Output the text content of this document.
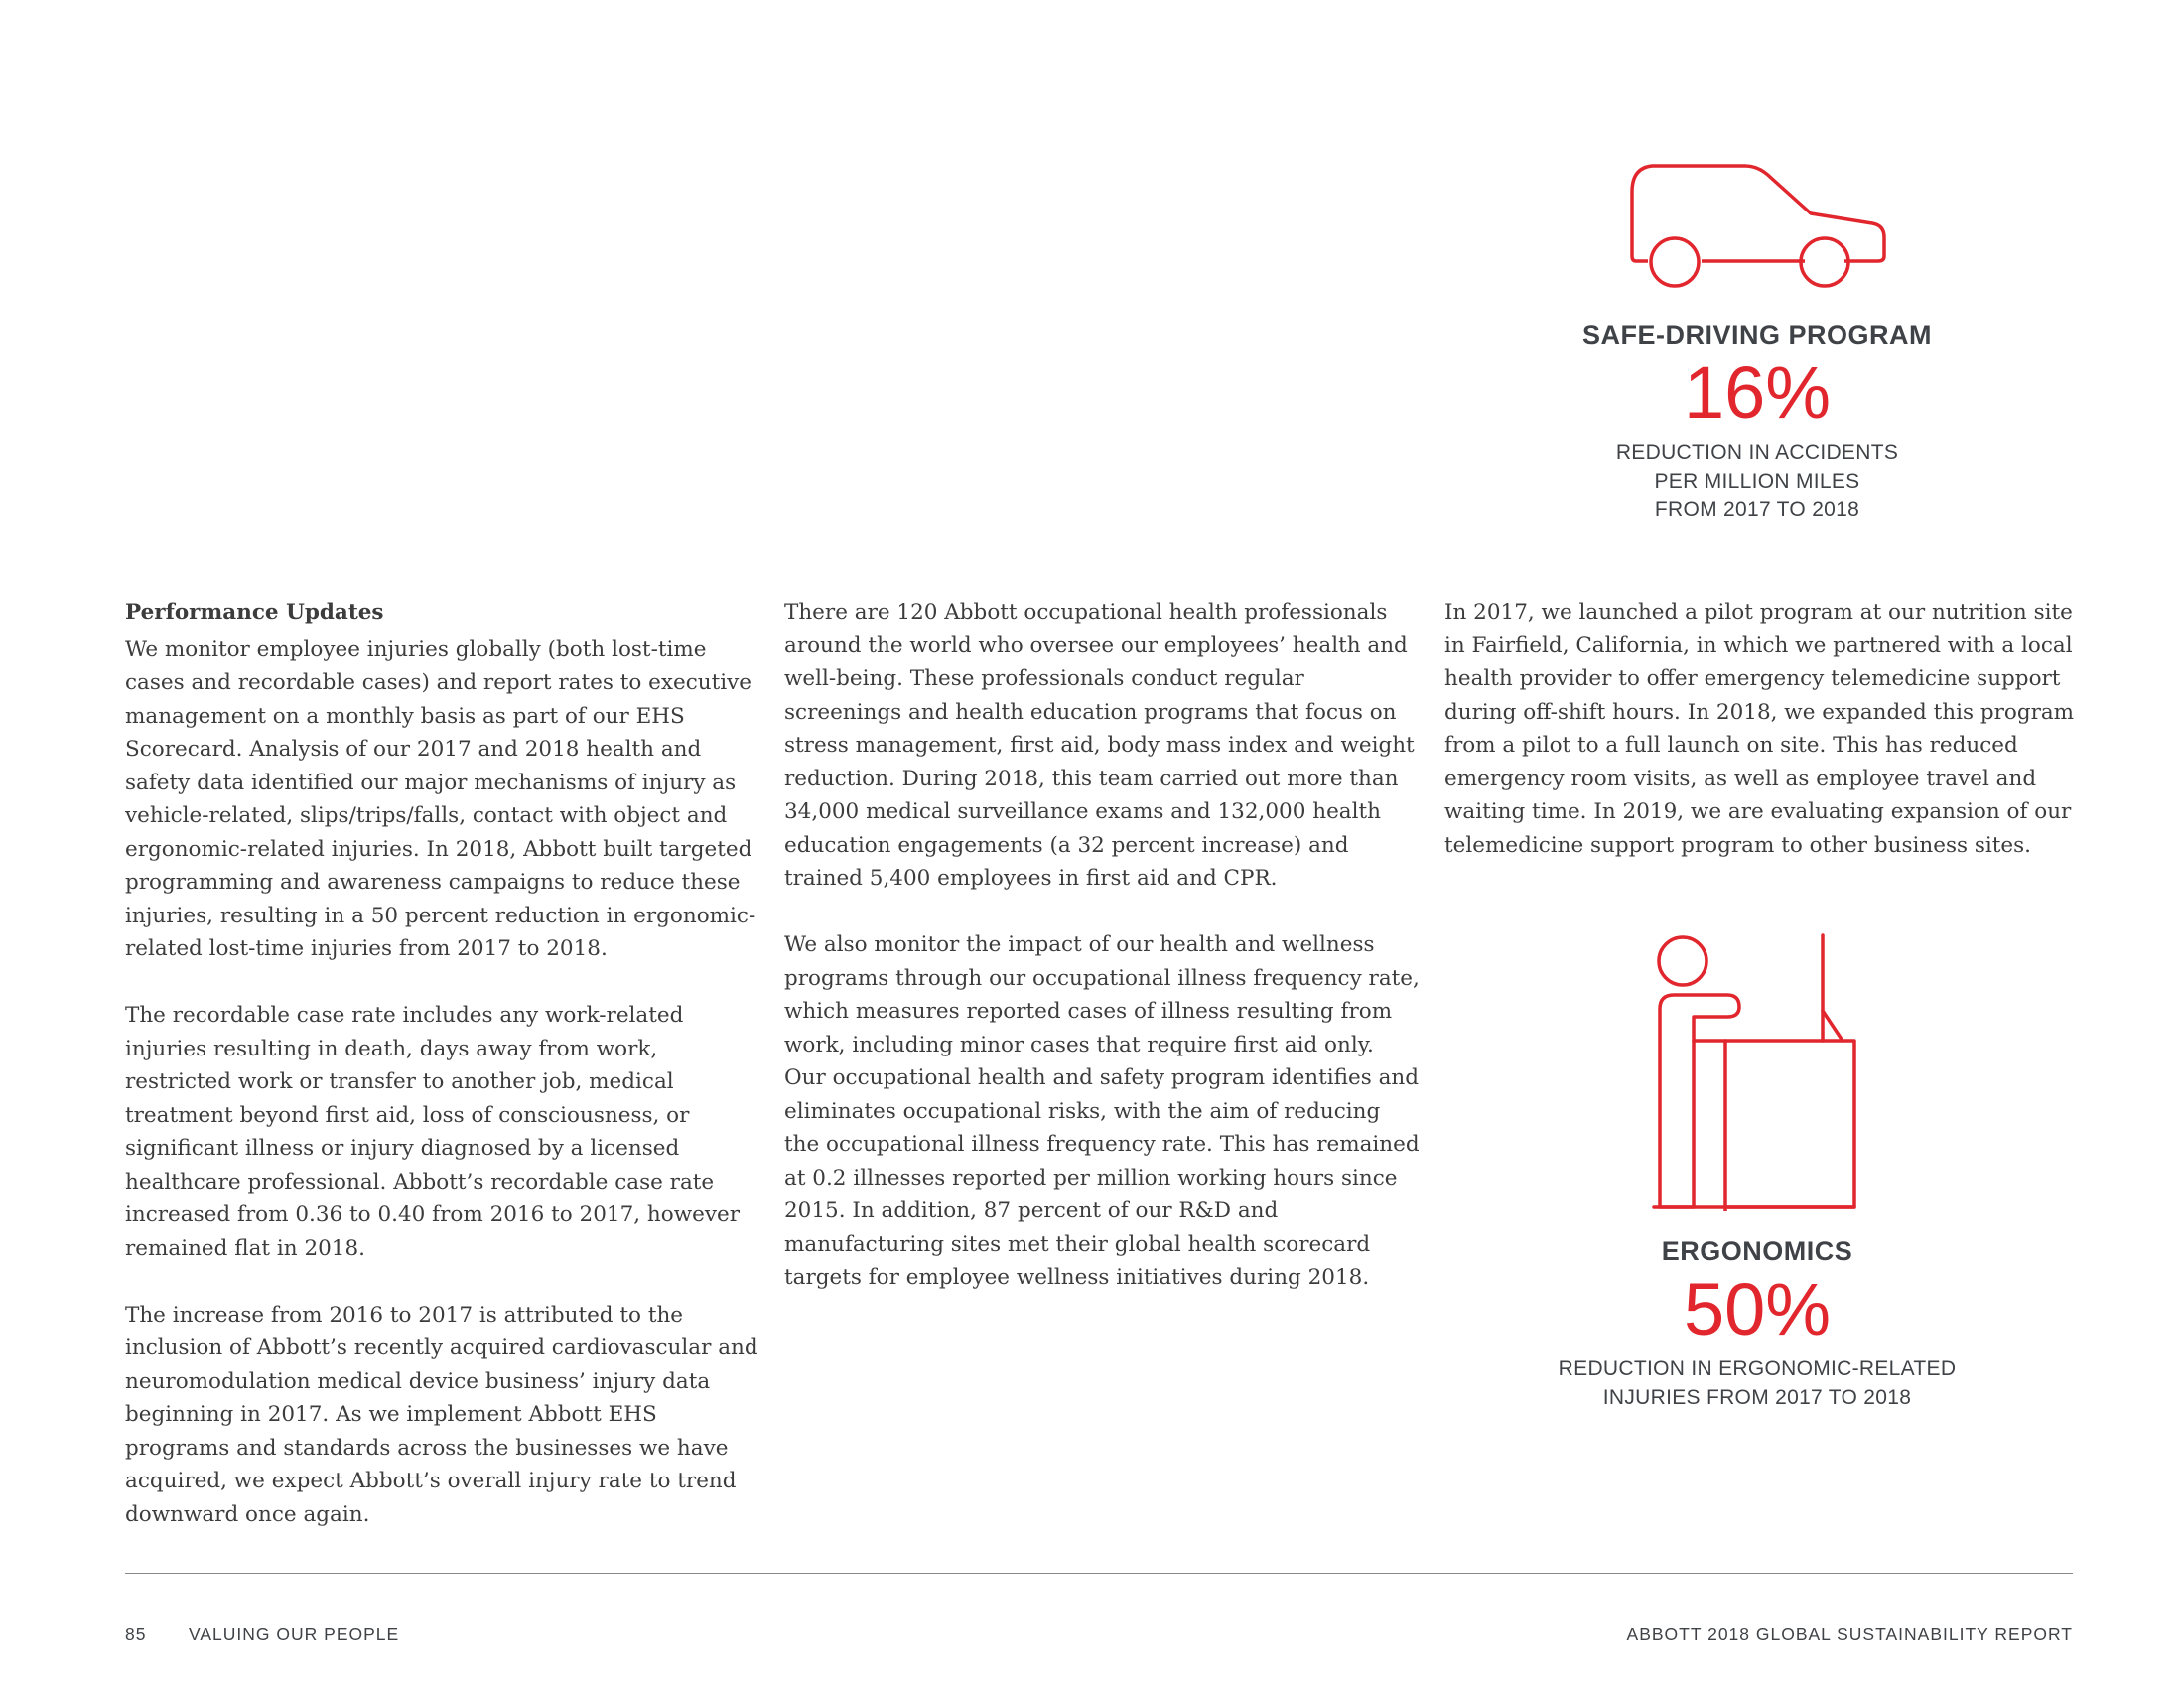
Performance Updates

We monitor employee injuries globally (both lost-time cases and recordable cases) and report rates to executive management on a monthly basis as part of our EHS Scorecard. Analysis of our 2017 and 2018 health and safety data identified our major mechanisms of injury as vehicle-related, slips/trips/falls, contact with object and ergonomic-related injuries. In 2018, Abbott built targeted programming and awareness campaigns to reduce these injuries, resulting in a 50 percent reduction in ergonomic-related lost-time injuries from 2017 to 2018.

The recordable case rate includes any work-related injuries resulting in death, days away from work, restricted work or transfer to another job, medical treatment beyond first aid, loss of consciousness, or significant illness or injury diagnosed by a licensed healthcare professional. Abbott’s recordable case rate increased from 0.36 to 0.40 from 2016 to 2017, however remained flat in 2018.

The increase from 2016 to 2017 is attributed to the inclusion of Abbott’s recently acquired cardiovascular and neuromodulation medical device business’ injury data beginning in 2017. As we implement Abbott EHS programs and standards across the businesses we have acquired, we expect Abbott’s overall injury rate to trend downward once again.

There are 120 Abbott occupational health professionals around the world who oversee our employees’ health and well-being. These professionals conduct regular screenings and health education programs that focus on stress management, first aid, body mass index and weight reduction. During 2018, this team carried out more than 34,000 medical surveillance exams and 132,000 health education engagements (a 32 percent increase) and trained 5,400 employees in first aid and CPR.

We also monitor the impact of our health and wellness programs through our occupational illness frequency rate, which measures reported cases of illness resulting from work, including minor cases that require first aid only. Our occupational health and safety program identifies and eliminates occupational risks, with the aim of reducing the occupational illness frequency rate. This has remained at 0.2 illnesses reported per million working hours since 2015. In addition, 87 percent of our R&D and manufacturing sites met their global health scorecard targets for employee wellness initiatives during 2018.

In 2017, we launched a pilot program at our nutrition site in Fairfield, California, in which we partnered with a local health provider to offer emergency telemedicine support during off-shift hours. In 2018, we expanded this program from a pilot to a full launch on site. This has reduced emergency room visits, as well as employee travel and waiting time. In 2019, we are evaluating expansion of our telemedicine support program to other business sites.

SAFE-DRIVING PROGRAM
16%
REDUCTION IN ACCIDENTS
PER MILLION MILES
FROM 2017 TO 2018
ERGONOMICS
50%
REDUCTION IN ERGONOMIC-RELATED
INJURIES FROM 2017 TO 2018
85 VALUING OUR PEOPLE	ABBOTT 2018 GLOBAL SUSTAINABILITY REPORT
